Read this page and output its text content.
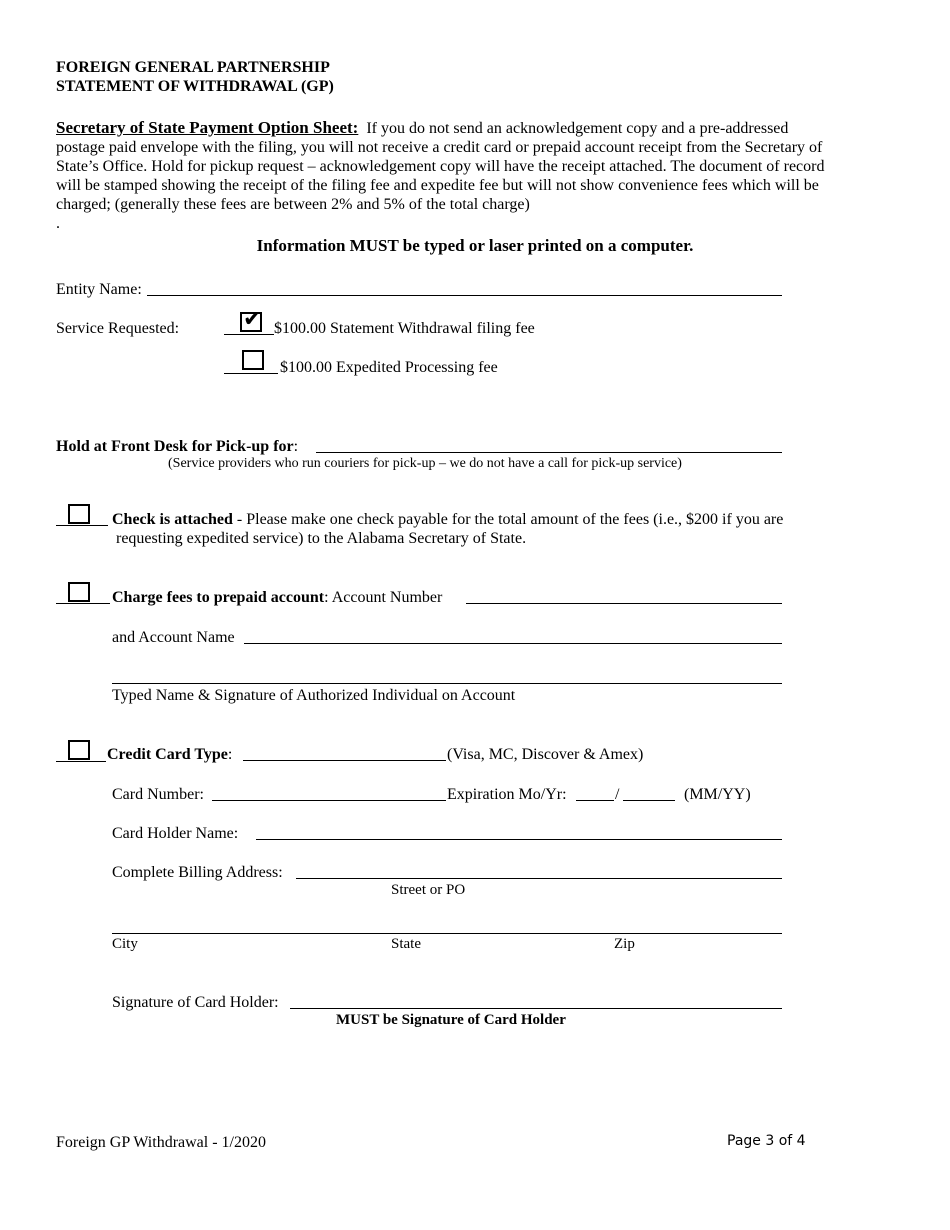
FOREIGN GENERAL PARTNERSHIP
STATEMENT OF WITHDRAWAL (GP)
Secretary of State Payment Option Sheet: If you do not send an acknowledgement copy and a pre-addressed
postage paid envelope with the filing, you will not receive a credit card or prepaid account receipt from the Secretary of
State’s Office. Hold for pickup request – acknowledgement copy will have the receipt attached. The document of record
will be stamped showing the receipt of the filing fee and expedite fee but will not show convenience fees which will be
charged; (generally these fees are between 2% and 5% of the total charge)
.
Information MUST be typed or laser printed on a computer.
Entity Name:
Service Requested:	✔ $100.00 Statement Withdrawal filing fee
$100.00 Expedited Processing fee
Hold at Front Desk for Pick-up for:
(Service providers who run couriers for pick-up – we do not have a call for pick-up service)
Check is attached - Please make one check payable for the total amount of the fees (i.e., $200 if you are
requesting expedited service) to the Alabama Secretary of State.
Charge fees to prepaid account: Account Number
and Account Name
Typed Name & Signature of Authorized Individual on Account
Credit Card Type:	(Visa, MC, Discover & Amex)
Card Number:	Expiration Mo/Yr:	/	(MM/YY)
Card Holder Name:
Complete Billing Address:
Street or PO
City	State	Zip
Signature of Card Holder:
MUST be Signature of Card Holder
Foreign GP Withdrawal - 1/2020	Page 3 of 4
